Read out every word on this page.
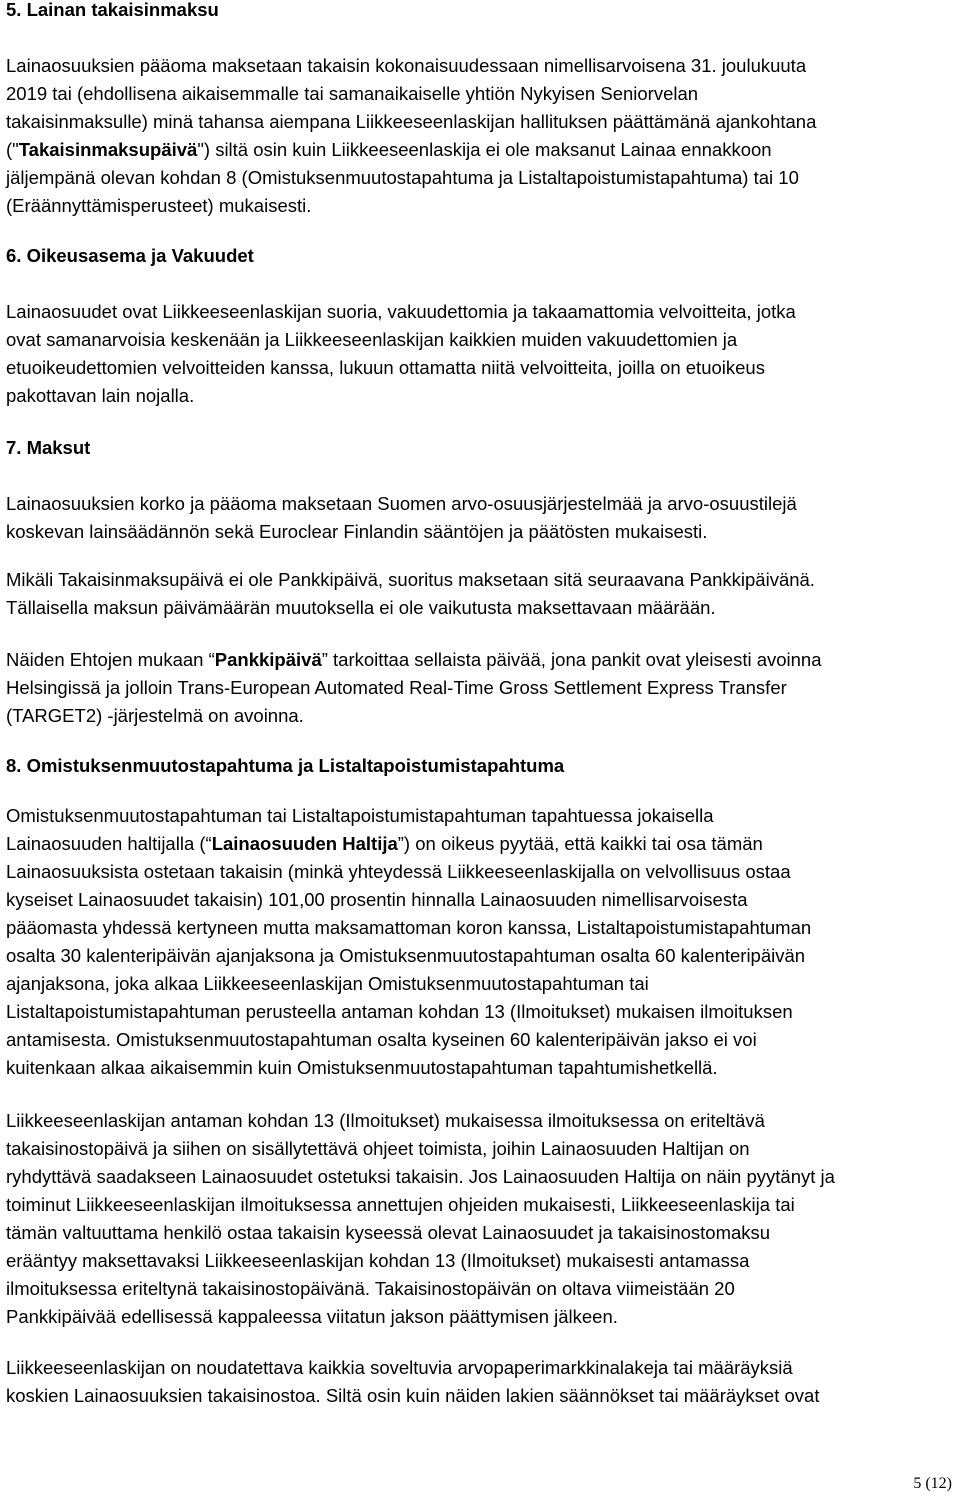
5. Lainan takaisinmaksu

Lainaosuuksien pääoma maksetaan takaisin kokonaisuudessaan nimellisarvoisena 31. joulukuuta

2019 tai (ehdollisena aikaisemmalle tai samanaikaiselle yhtiön Nykyisen Seniorvelan

takaisinmaksulle) minä tahansa aiempana Liikkeeseenlaskijan hallituksen päättämänä ajankohtana

("Takaisinmaksupäivä") siltä osin kuin Liikkeeseenlaskija ei ole maksanut Lainaa ennakkoon

jäljempänä olevan kohdan 8 (Omistuksenmuutostapahtuma ja Listaltapoistumistapahtuma) tai 10

(Eräännyttämisperusteet) mukaisesti.

6. Oikeusasema ja Vakuudet

Lainaosuudet ovat Liikkeeseenlaskijan suoria, vakuudettomia ja takaamattomia velvoitteita, jotka

ovat samanarvoisia keskenään ja Liikkeeseenlaskijan kaikkien muiden vakuudettomien ja

etuoikeudettomien velvoitteiden kanssa, lukuun ottamatta niitä velvoitteita, joilla on etuoikeus

pakottavan lain nojalla.

7. Maksut

Lainaosuuksien korko ja pääoma maksetaan Suomen arvo-osuusjärjestelmää ja arvo-osuustilejä

koskevan lainsäädännön sekä Euroclear Finlandin sääntöjen ja päätösten mukaisesti.

Mikäli Takaisinmaksupäivä ei ole Pankkipäivä, suoritus maksetaan sitä seuraavana Pankkipäivänä.

Tällaisella maksun päivämäärän muutoksella ei ole vaikutusta maksettavaan määrään.

Näiden Ehtojen mukaan “Pankkipäivä” tarkoittaa sellaista päivää, jona pankit ovat yleisesti avoinna

Helsingissä ja jolloin Trans-European Automated Real-Time Gross Settlement Express Transfer

(TARGET2) -järjestelmä on avoinna.

8. Omistuksenmuutostapahtuma ja Listaltapoistumistapahtuma

Omistuksenmuutostapahtuman tai Listaltapoistumistapahtuman tapahtuessa jokaisella

Lainaosuuden haltijalla (“Lainaosuuden Haltija”) on oikeus pyytää, että kaikki tai osa tämän

Lainaosuuksista ostetaan takaisin (minkä yhteydessä Liikkeeseenlaskijalla on velvollisuus ostaa

kyseiset Lainaosuudet takaisin) 101,00 prosentin hinnalla Lainaosuuden nimellisarvoisesta

pääomasta yhdessä kertyneen mutta maksamattoman koron kanssa, Listaltapoistumistapahtuman

osalta 30 kalenteripäivän ajanjaksona ja Omistuksenmuutostapahtuman osalta 60 kalenteripäivän

ajanjaksona, joka alkaa Liikkeeseenlaskijan Omistuksenmuutostapahtuman tai

Listaltapoistumistapahtuman perusteella antaman kohdan 13 (Ilmoitukset) mukaisen ilmoituksen

antamisesta. Omistuksenmuutostapahtuman osalta kyseinen 60 kalenteripäivän jakso ei voi

kuitenkaan alkaa aikaisemmin kuin Omistuksenmuutostapahtuman tapahtumishetkellä.

Liikkeeseenlaskijan antaman kohdan 13 (Ilmoitukset) mukaisessa ilmoituksessa on eriteltävä

takaisinostopäivä ja siihen on sisällytettävä ohjeet toimista, joihin Lainaosuuden Haltijan on

ryhdyttävä saadakseen Lainaosuudet ostetuksi takaisin. Jos Lainaosuuden Haltija on näin pyytänyt ja

toiminut Liikkeeseenlaskijan ilmoituksessa annettujen ohjeiden mukaisesti, Liikkeeseenlaskija tai

tämän valtuuttama henkilö ostaa takaisin kyseessä olevat Lainaosuudet ja takaisinostomaksu

erääntyy maksettavaksi Liikkeeseenlaskijan kohdan 13 (Ilmoitukset) mukaisesti antamassa

ilmoituksessa eriteltynä takaisinostopäivänä. Takaisinostopäivän on oltava viimeistään 20

Pankkipäivää edellisessä kappaleessa viitatun jakson päättymisen jälkeen.

Liikkeeseenlaskijan on noudatettava kaikkia soveltuvia arvopaperimarkkinalakeja tai määräyksiä

koskien Lainaosuuksien takaisinostoa. Siltä osin kuin näiden lakien säännökset tai määräykset ovat

5 (12)
